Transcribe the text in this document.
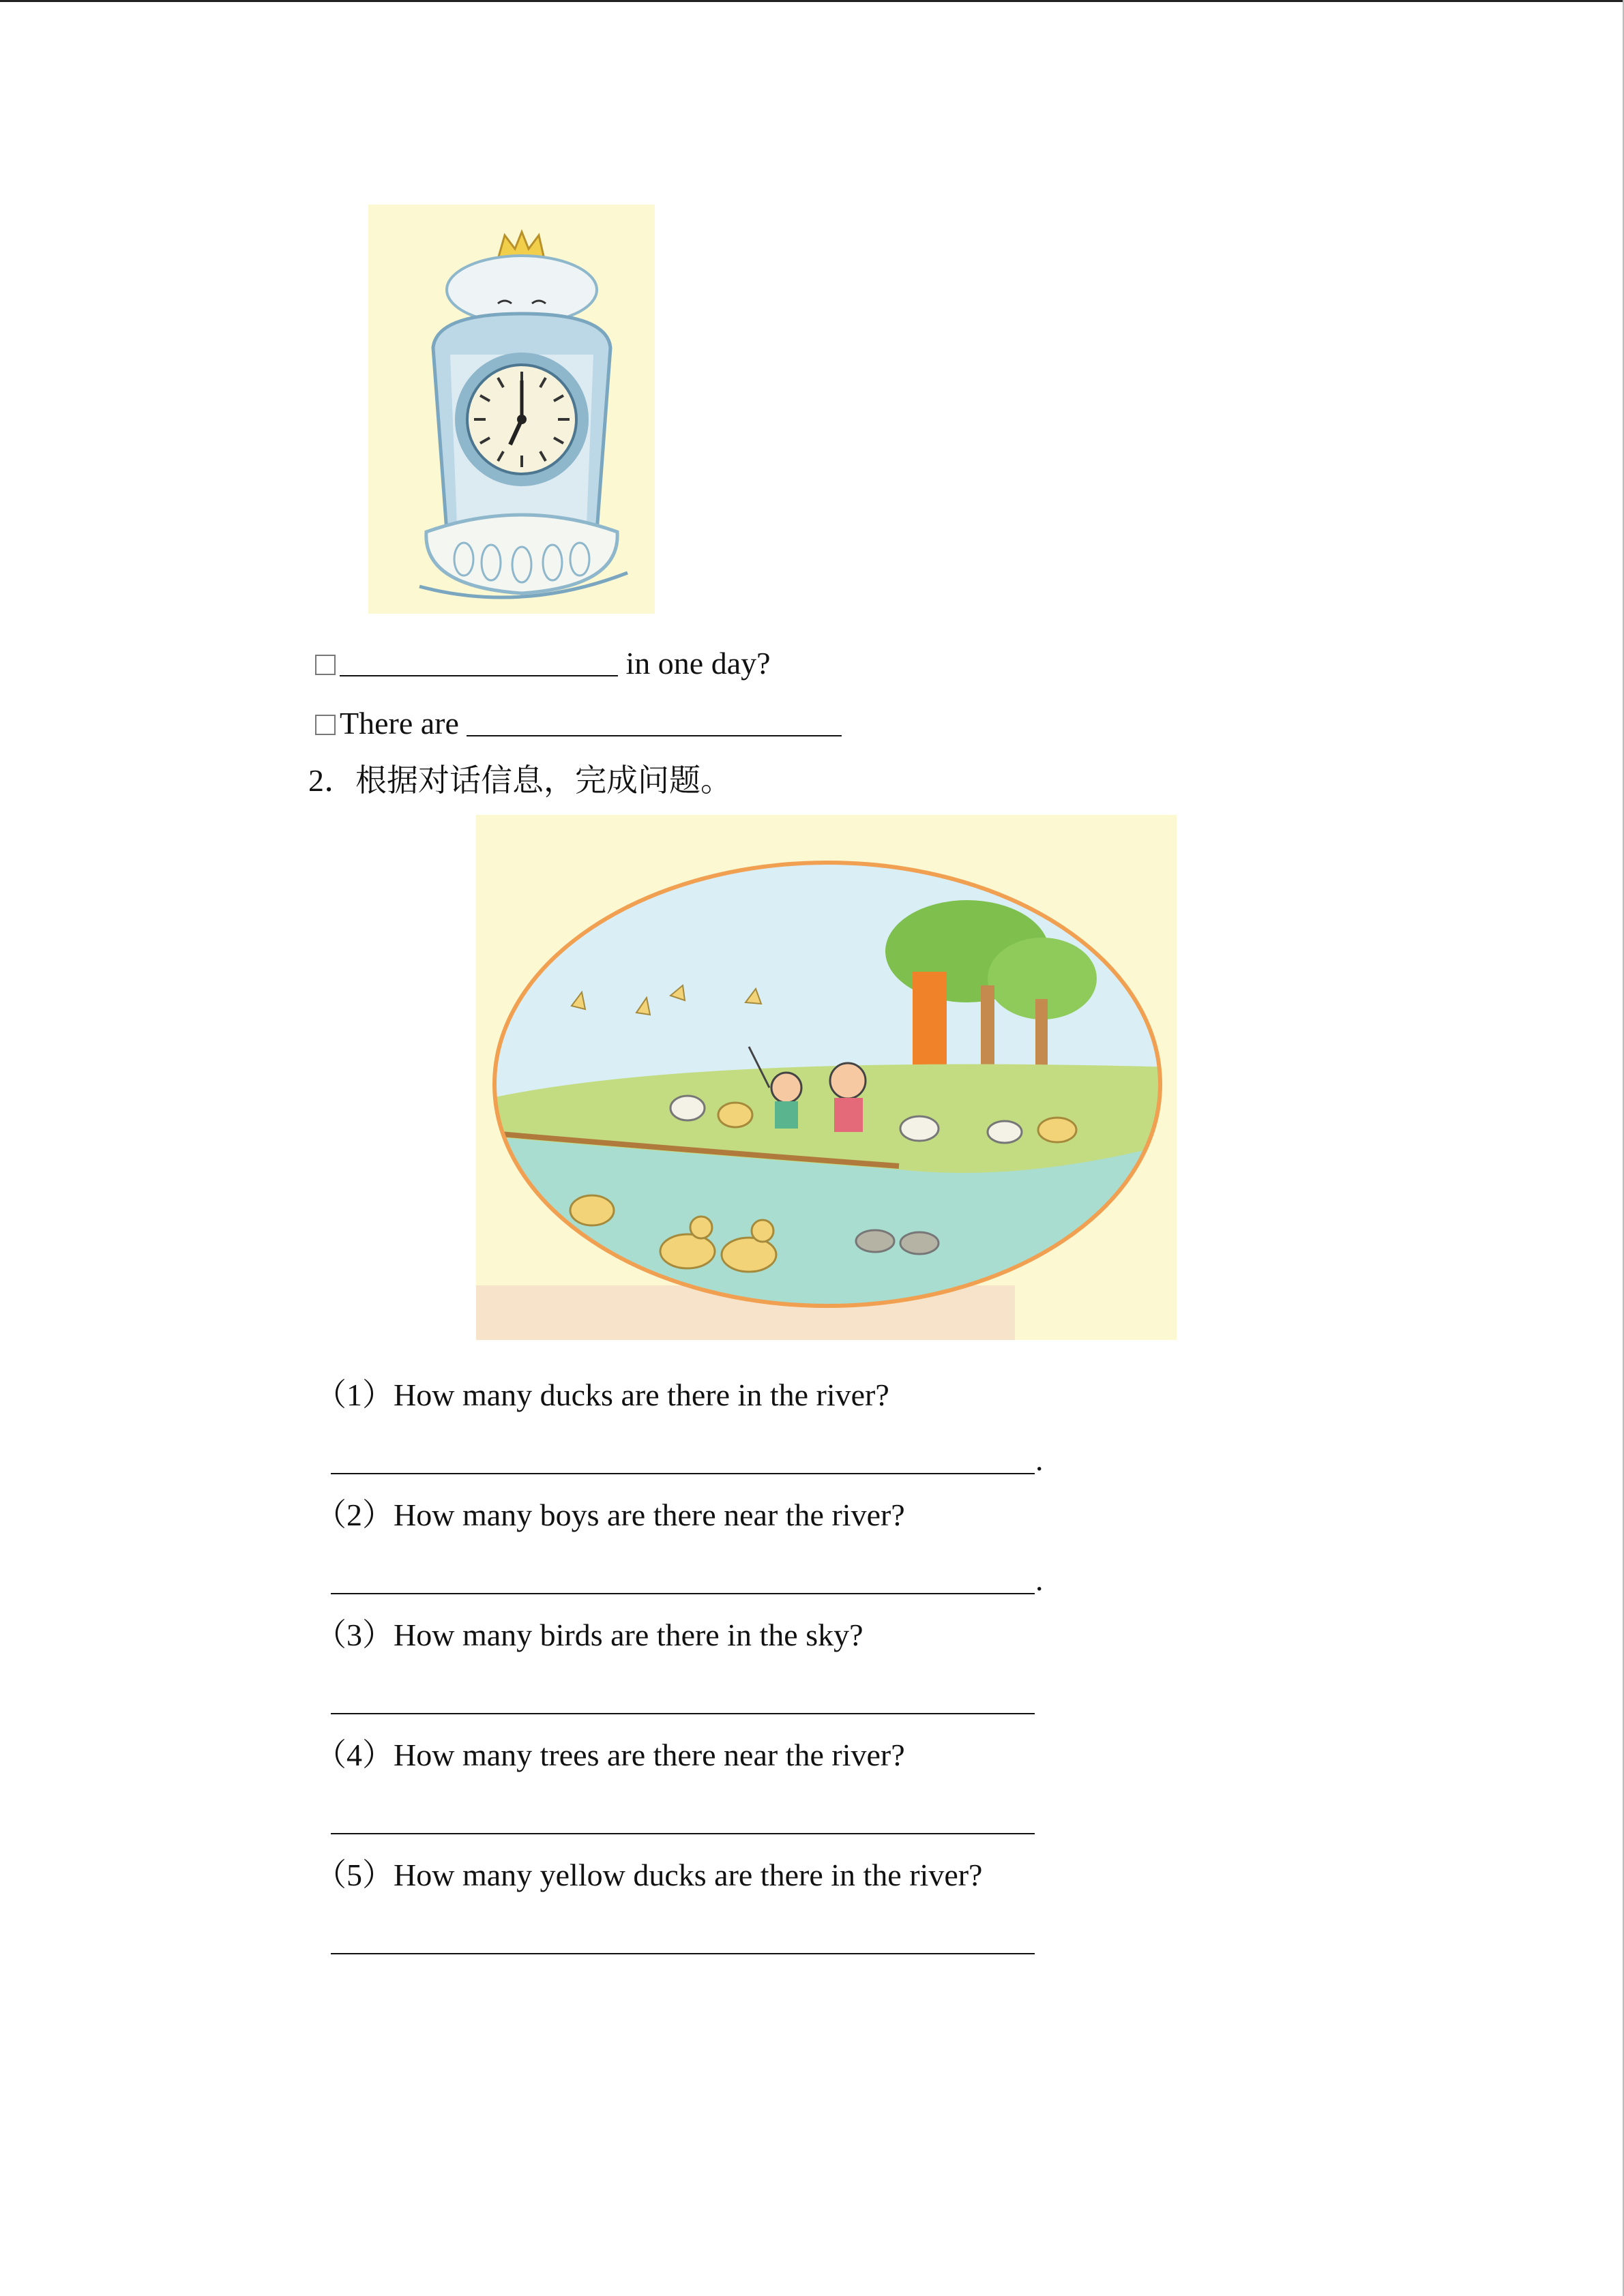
in one day?
There are
2．根据对话信息，完成问题。
（1）How many ducks are there in the river?
.
（2）How many boys are there near the river?
.
（3）How many birds are there in the sky?
（4）How many trees are there near the river?
（5）How many yellow ducks are there in the river?
